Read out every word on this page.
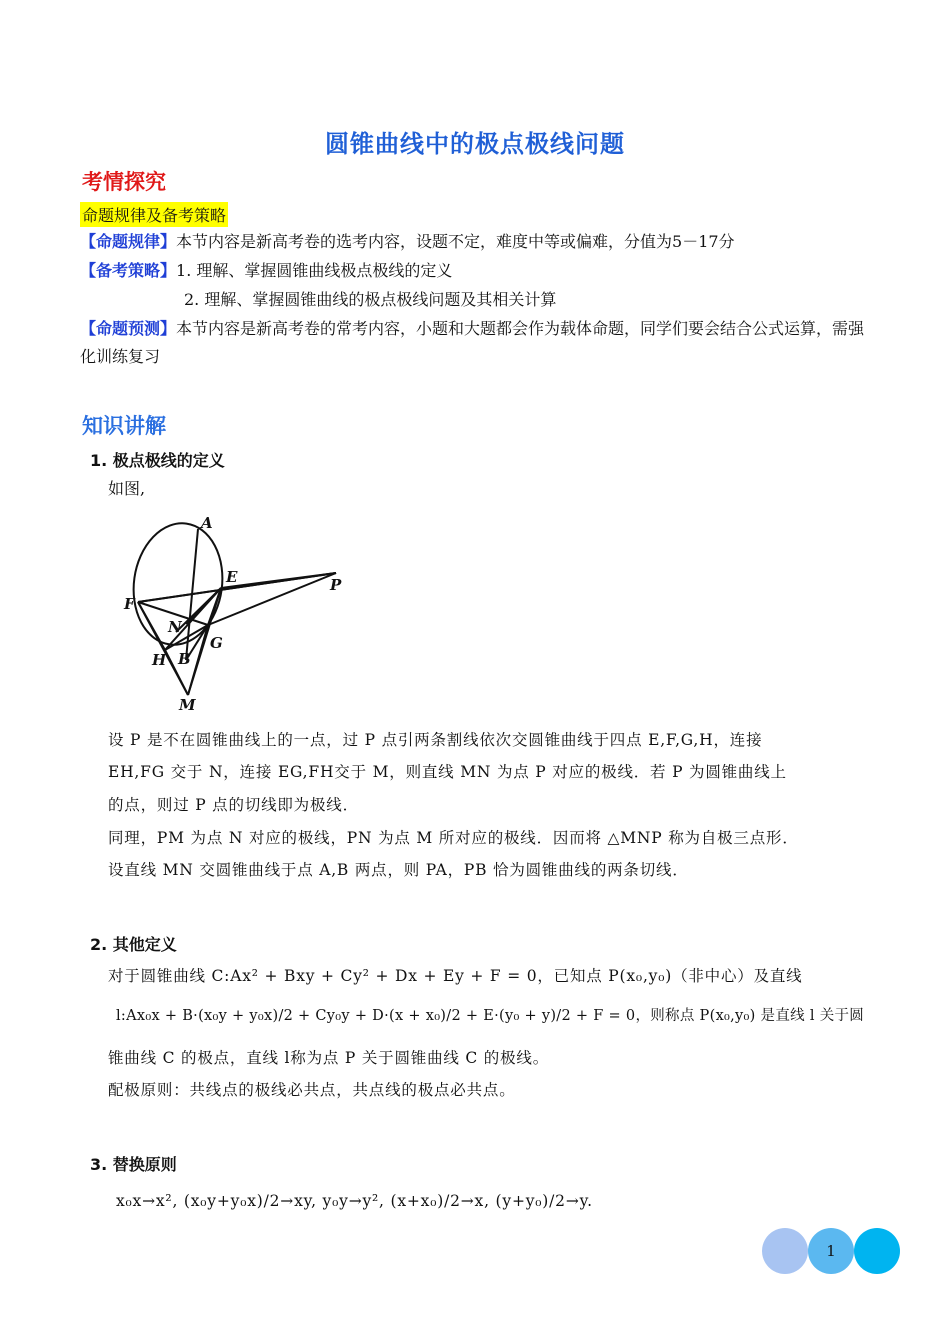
圆锥曲线中的极点极线问题
考情探究
命题规律及备考策略
【命题规律】本节内容是新高考卷的选考内容，设题不定，难度中等或偏难，分值为5－17分
【备考策略】1. 理解、掌握圆锥曲线极点极线的定义
2. 理解、掌握圆锥曲线的极点极线问题及其相关计算
【命题预测】本节内容是新高考卷的常考内容，小题和大题都会作为载体命题，同学们要会结合公式运算，需强
化训练复习
知识讲解
1. 极点极线的定义
如图,
A
E	P
F
N
G
H B
M
设 P 是不在圆锥曲线上的一点，过 P 点引两条割线依次交圆锥曲线于四点 E,F,G,H，连接
EH,FG 交于 N，连接 EG,FH交于 M，则直线 MN 为点 P 对应的极线．若 P 为圆锥曲线上
的点，则过 P 点的切线即为极线．
同理，PM 为点 N 对应的极线，PN 为点 M 所对应的极线．因而将 △MNP 称为自极三点形．
设直线 MN 交圆锥曲线于点 A,B 两点，则 PA，PB 恰为圆锥曲线的两条切线．
2. 其他定义
对于圆锥曲线 C:Ax² + Bxy + Cy² + Dx + Ey + F = 0，已知点 P(x₀,y₀)（非中心）及直线
l:Ax₀x + B·(x₀y + y₀x)/2 + Cy₀y + D·(x + x₀)/2 + E·(y₀ + y)/2 + F = 0，则称点 P(x₀,y₀) 是直线 l 关于圆
锥曲线 C 的极点，直线 l称为点 P 关于圆锥曲线 C 的极线。
配极原则：共线点的极线必共点，共点线的极点必共点。
3. 替换原则
x₀x→x², (x₀y+y₀x)/2→xy, y₀y→y², (x+x₀)/2→x, (y+y₀)/2→y.
1
